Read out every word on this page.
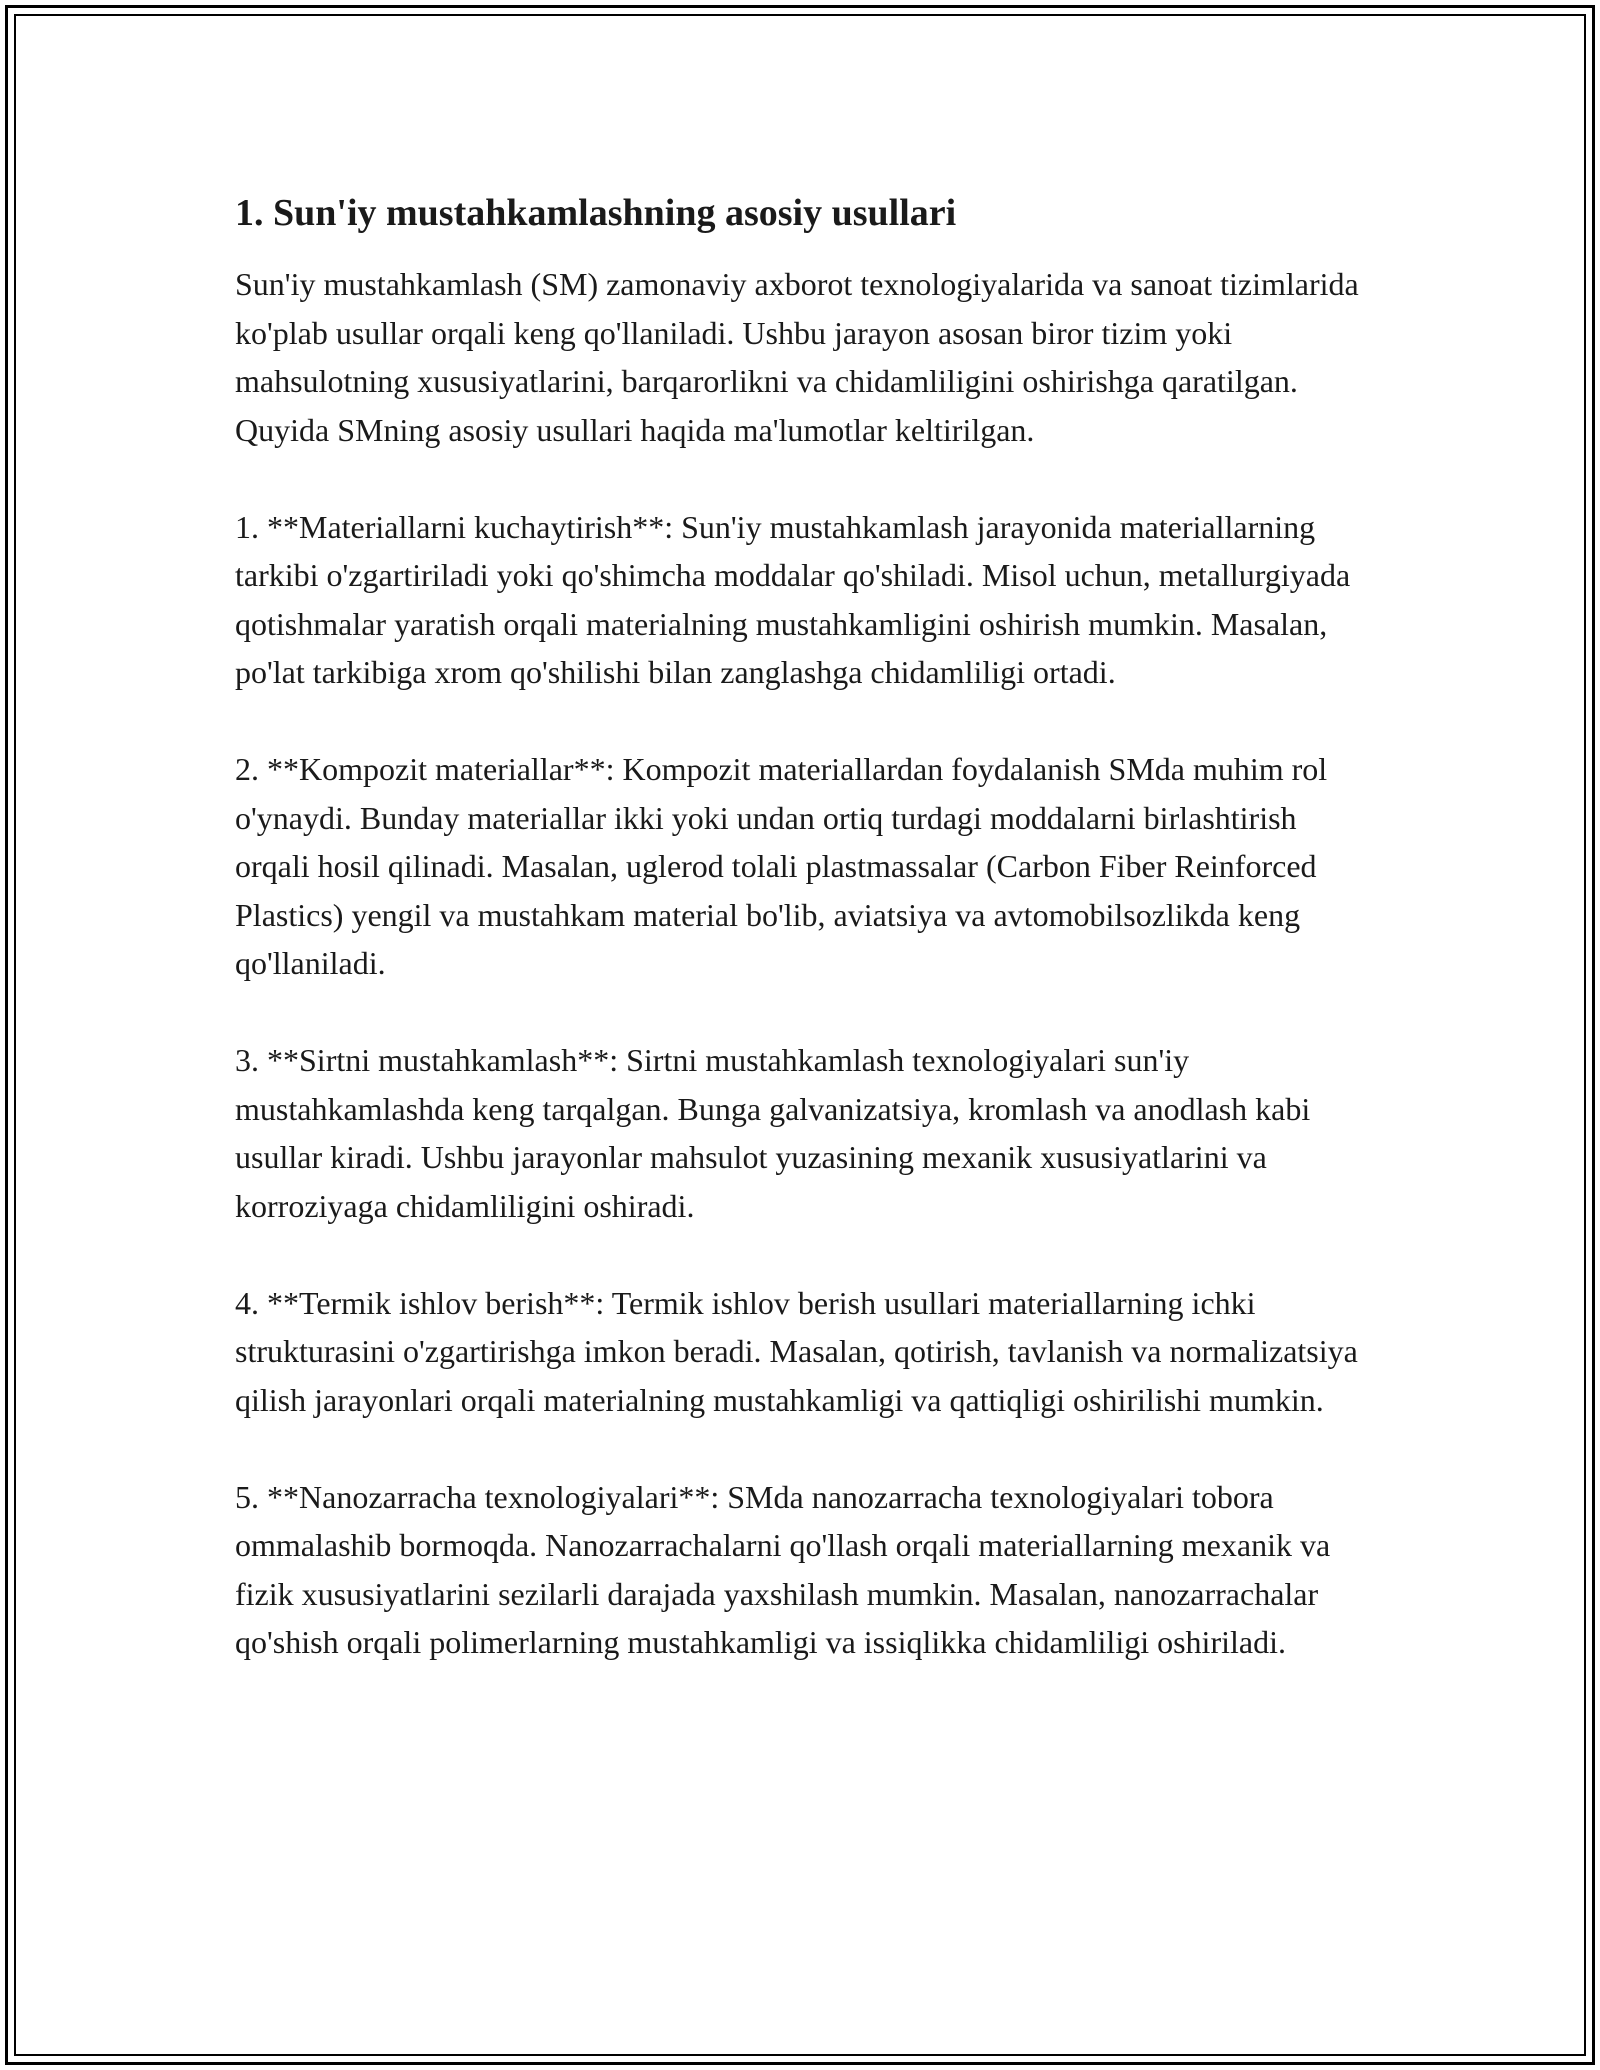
1. Sun'iy mustahkamlashning asosiy usullari

Sun'iy mustahkamlash (SM) zamonaviy axborot texnologiyalarida va sanoat tizimlarida ko'plab usullar orqali keng qo'llaniladi. Ushbu jarayon asosan biror tizim yoki mahsulotning xususiyatlarini, barqarorlikni va chidamliligini oshirishga qaratilgan. Quyida SMning asosiy usullari haqida ma'lumotlar keltirilgan.

1. **Materiallarni kuchaytirish**: Sun'iy mustahkamlash jarayonida materiallarning tarkibi o'zgartiriladi yoki qo'shimcha moddalar qo'shiladi. Misol uchun, metallurgiyada qotishmalar yaratish orqali materialning mustahkamligini oshirish mumkin. Masalan, po'lat tarkibiga xrom qo'shilishi bilan zanglashga chidamliligi ortadi.

2. **Kompozit materiallar**: Kompozit materiallardan foydalanish SMda muhim rol o'ynaydi. Bunday materiallar ikki yoki undan ortiq turdagi moddalarni birlashtirish orqali hosil qilinadi. Masalan, uglerod tolali plastmassalar (Carbon Fiber Reinforced Plastics) yengil va mustahkam material bo'lib, aviatsiya va avtomobilsozlikda keng qo'llaniladi.

3. **Sirtni mustahkamlash**: Sirtni mustahkamlash texnologiyalari sun'iy mustahkamlashda keng tarqalgan. Bunga galvanizatsiya, kromlash va anodlash kabi usullar kiradi. Ushbu jarayonlar mahsulot yuzasining mexanik xususiyatlarini va korroziyaga chidamliligini oshiradi.

4. **Termik ishlov berish**: Termik ishlov berish usullari materiallarning ichki strukturasini o'zgartirishga imkon beradi. Masalan, qotirish, tavlanish va normalizatsiya qilish jarayonlari orqali materialning mustahkamligi va qattiqligi oshirilishi mumkin.

5. **Nanozarracha texnologiyalari**: SMda nanozarracha texnologiyalari tobora ommalashib bormoqda. Nanozarrachalarni qo'llash orqali materiallarning mexanik va fizik xususiyatlarini sezilarli darajada yaxshilash mumkin. Masalan, nanozarrachalar qo'shish orqali polimerlarning mustahkamligi va issiqlikka chidamliligi oshiriladi.
